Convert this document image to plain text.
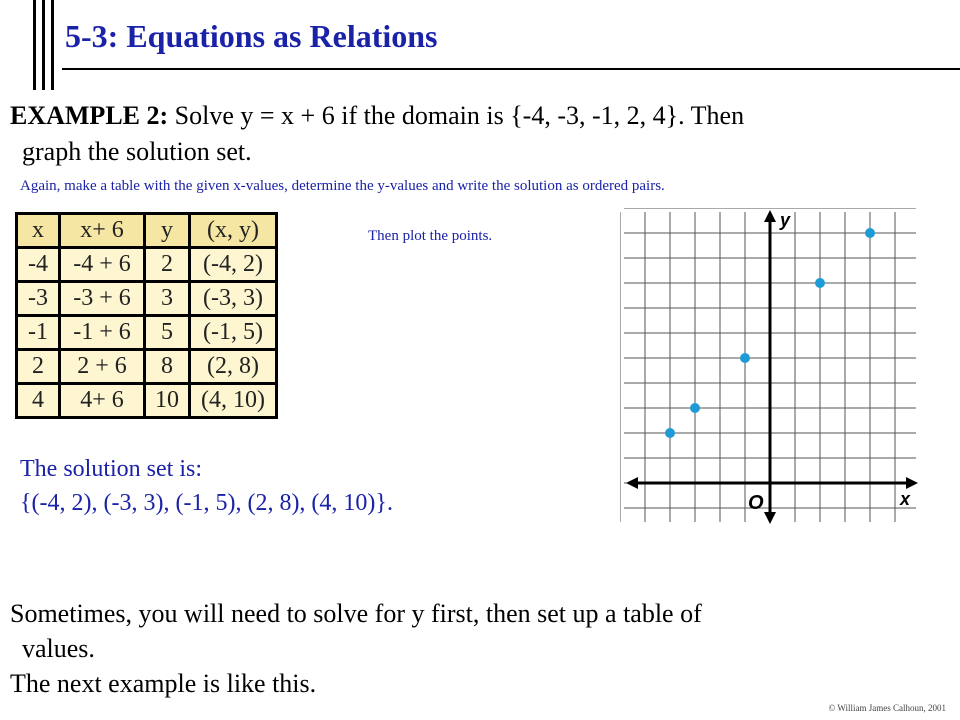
5-3: Equations as Relations
EXAMPLE 2: Solve y = x + 6 if the domain is {-4, -3, -1, 2, 4}. Then
graph the solution set.

Again, make a table with the given x-values, determine the y-values and write the solution as ordered pairs.

x	x+ 6	y	(x, y)
-4	-4 + 6	2	(-4, 2)
-3	-3 + 6	3	(-3, 3)
-1	-1 + 6	5	(-1, 5)
2	2 + 6	8	(2, 8)
4	4+ 6	10	(4, 10)

Then plot the points.

The solution set is:
{(-4, 2), (-3, 3), (-1, 5), (2, 8), (4, 10)}.
y
x
O
Sometimes, you will need to solve for y first, then set up a table of
values.
The next example is like this.

© William James Calhoun, 2001
